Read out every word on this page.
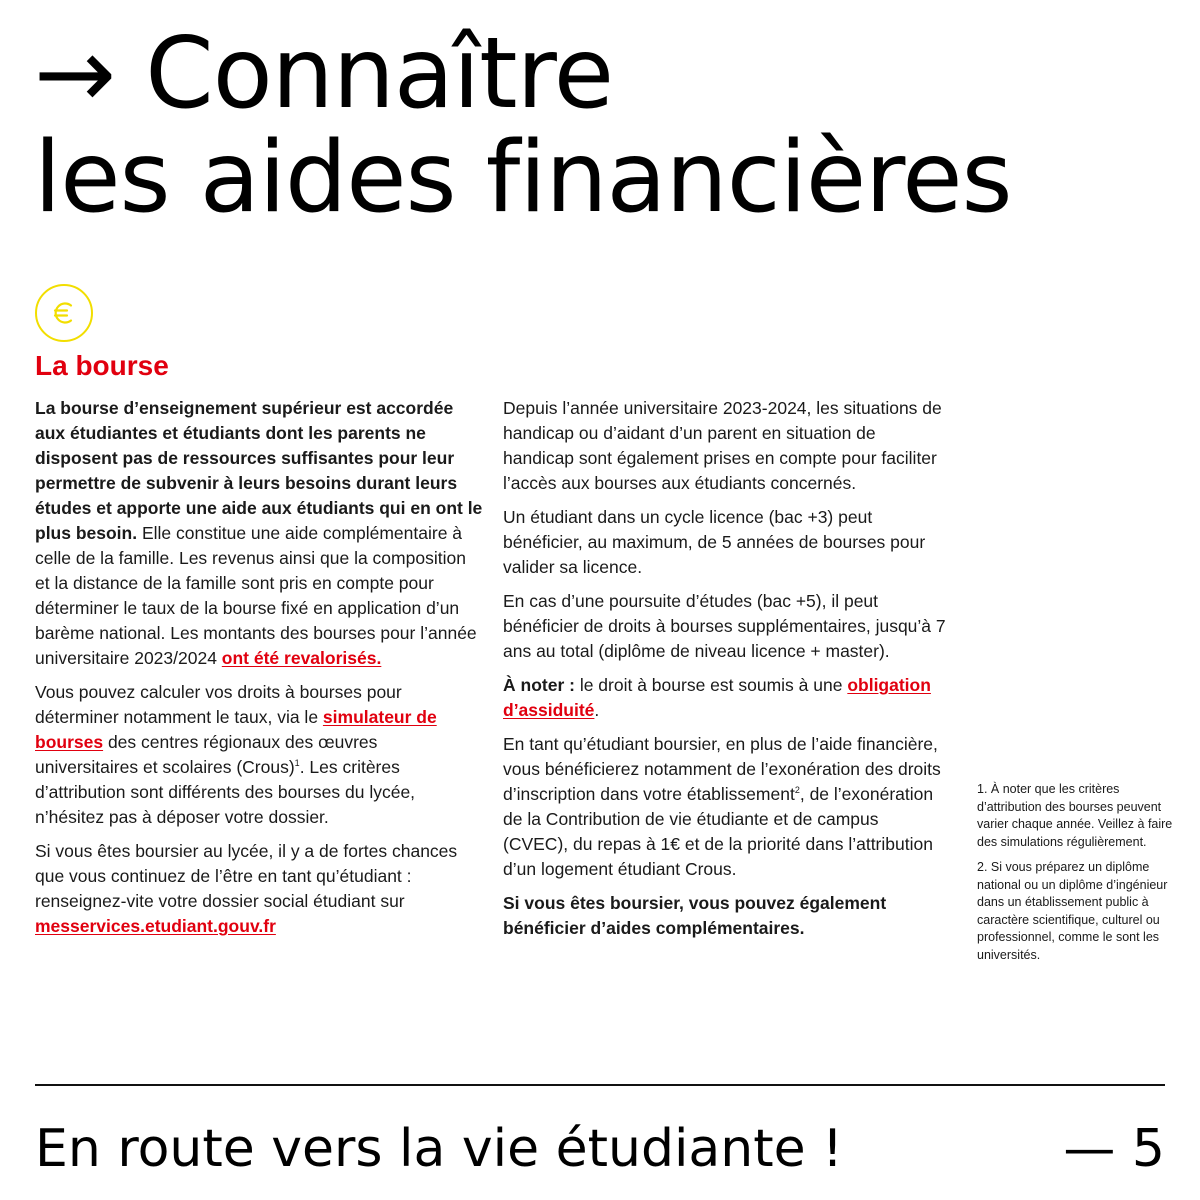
→ Connaître
les aides financières
La bourse

La bourse d’enseignement supérieur est accordée aux étudiantes et étudiants dont les parents ne disposent pas de ressources suffisantes pour leur permettre de subvenir à leurs besoins durant leurs études et apporte une aide aux étudiants qui en ont le plus besoin. Elle constitue une aide complémentaire à celle de la famille. Les revenus ainsi que la composition et la distance de la famille sont pris en compte pour déterminer le taux de la bourse fixé en application d’un barème national. Les montants des bourses pour l’année universitaire 2023/2024 ont été revalorisés.

Vous pouvez calculer vos droits à bourses pour déterminer notamment le taux, via le simulateur de bourses des centres régionaux des œuvres universitaires et scolaires (Crous)$^1$. Les critères d’attribution sont différents des bourses du lycée, n’hésitez pas à déposer votre dossier.

Si vous êtes boursier au lycée, il y a de fortes chances que vous continuez de l’être en tant qu’étudiant : renseignez-vite votre dossier social étudiant sur messervices.etudiant.gouv.fr

Depuis l’année universitaire 2023-2024, les situations de handicap ou d’aidant d’un parent en situation de handicap sont également prises en compte pour faciliter l’accès aux bourses aux étudiants concernés.

Un étudiant dans un cycle licence (bac +3) peut bénéficier, au maximum, de 5 années de bourses pour valider sa licence.

En cas d’une poursuite d’études (bac +5), il peut bénéficier de droits à bourses supplémentaires, jusqu’à 7 ans au total (diplôme de niveau licence + master).

À noter : le droit à bourse est soumis à une obligation d’assiduité.

En tant qu’étudiant boursier, en plus de l’aide financière, vous bénéficierez notamment de l’exonération des droits d’inscription dans votre établissement$^2$, de l’exonération de la Contribution de vie étudiante et de campus (CVEC), du repas à 1€ et de la priorité dans l’attribution d’un logement étudiant Crous.

Si vous êtes boursier, vous pouvez également bénéficier d’aides complémentaires.

1. À noter que les critères d’attribution des bourses peuvent varier chaque année. Veillez à faire des simulations régulièrement.

2. Si vous préparez un diplôme national ou un diplôme d’ingénieur dans un établissement public à caractère scientifique, culturel ou professionnel, comme le sont les universités.

En route vers la vie étudiante !	— 5
